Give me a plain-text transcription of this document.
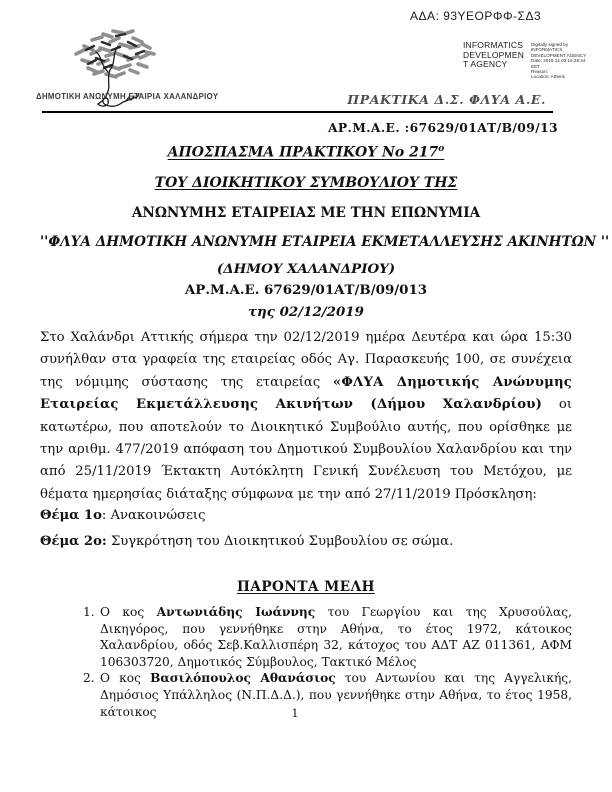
ΑΔΑ: 93ΥΕΟΡΦΦ-ΣΔ3
ΔΗΜΟΤΙΚΗ ΑΝΩΝΥΜΗ ΕΤΑΙΡΙΑ ΧΑΛΑΝΔΡΙΟΥ
INFORMATICS
DEVELOPMEN
T AGENCY
Digitally signed by
INFORMATICS
DEVELOPMENT AGENCY
Date: 2019.12.03 15:28:44
EET
Reason:
Location: Athens
ΠΡΑΚΤΙΚΑ Δ.Σ. ΦΛΥΑ Α.Ε.
ΑΡ.Μ.Α.Ε. :67629/01ΑΤ/Β/09/13
ΑΠΟΣΠΑΣΜΑ ΠΡΑΚΤΙΚΟΥ Νο $217^o$
ΤΟΥ ΔΙΟΙΚΗΤΙΚΟΥ ΣΥΜΒΟΥΛΙΟΥ ΤΗΣ
ΑΝΩΝΥΜΗΣ ΕΤΑΙΡΕΙΑΣ ΜΕ ΤΗΝ ΕΠΩΝΥΜΙΑ
''ΦΛΥΑ ΔΗΜΟΤΙΚΗ ΑΝΩΝΥΜΗ ΕΤΑΙΡΕΙΑ ΕΚΜΕΤΑΛΛΕΥΣΗΣ ΑΚΙΝΗΤΩΝ ''
(ΔΗΜΟΥ ΧΑΛΑΝΔΡΙΟΥ)
ΑΡ.Μ.Α.Ε. 67629/01ΑΤ/Β/09/013
της 02/12/2019
Στο Χαλάνδρι Αττικής σήμερα την 02/12/2019 ημέρα Δευτέρα και ώρα 15:30 συνήλθαν στα γραφεία της εταιρείας οδός Αγ. Παρασκευής 100, σε συνέχεια της νόμιμης σύστασης της εταιρείας «ΦΛΥΑ Δημοτικής Ανώνυμης Εταιρείας Εκμετάλλευσης Ακινήτων (Δήμου Χαλανδρίου) οι κατωτέρω, που αποτελούν το Διοικητικό Συμβούλιο αυτής, που ορίσθηκε με την αριθμ. 477/2019 απόφαση του Δημοτικού Συμβουλίου Χαλανδρίου και την από 25/11/2019 Έκτακτη Αυτόκλητη Γενική Συνέλευση του Μετόχου, με θέματα ημερησίας διάταξης σύμφωνα με την από 27/11/2019 Πρόσκληση:
Θέμα 1ο: Ανακοινώσεις
Θέμα 2ο: Συγκρότηση του Διοικητικού Συμβουλίου σε σώμα.
ΠΑΡΟΝΤΑ ΜΕΛΗ
1. Ο κος Αντωνιάδης Ιωάννης του Γεωργίου και της Χρυσούλας, Δικηγόρος, που γεννήθηκε στην Αθήνα, το έτος 1972, κάτοικος Χαλανδρίου, οδός Σεβ.Καλλισπέρη 32, κάτοχος του ΑΔΤ ΑΖ 011361, ΑΦΜ 106303720, Δημοτικός Σύμβουλος, Τακτικό Μέλος
2. Ο κος Βασιλόπουλος Αθανάσιος του Αντωνίου και της Αγγελικής, Δημόσιος Υπάλληλος (Ν.Π.Δ.Δ.), που γεννήθηκε στην Αθήνα, το έτος 1958, κάτοικος	1
